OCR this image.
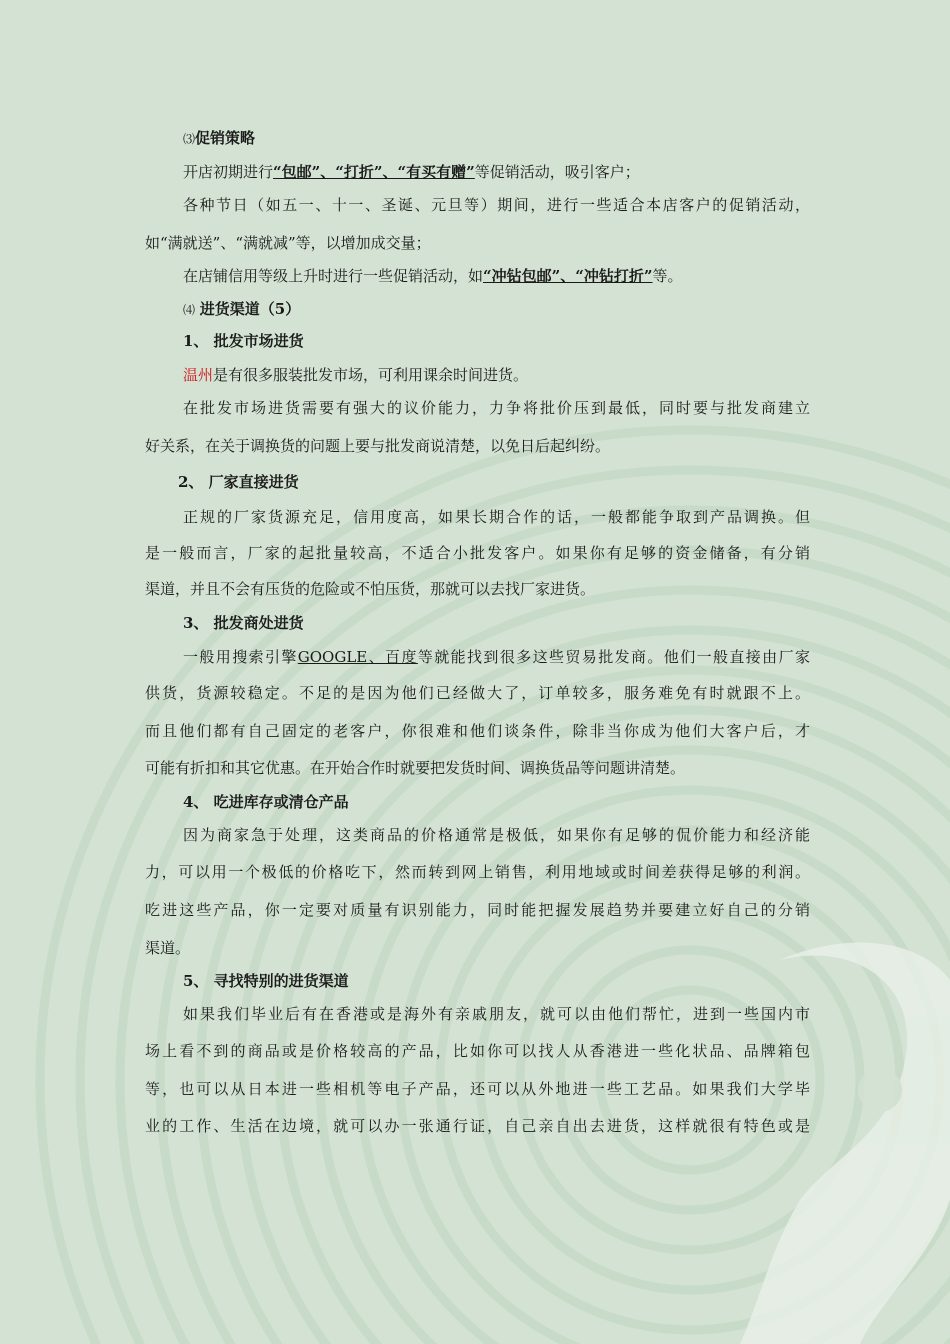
⑶促销策略
开店初期进行“包邮”、“打折”、“有买有赠”等促销活动，吸引客户；
各种节日（如五一、十一、圣诞、元旦等）期间，进行一些适合本店客户的促销活动，
如“满就送”、“满就减”等，以增加成交量；
在店铺信用等级上升时进行一些促销活动，如“冲钻包邮”、“冲钻打折”等。
⑷ 进货渠道（5）
1、 批发市场进货
温州是有很多服装批发市场，可利用课余时间进货。
在批发市场进货需要有强大的议价能力，力争将批价压到最低，同时要与批发商建立
好关系，在关于调换货的问题上要与批发商说清楚，以免日后起纠纷。
2、 厂家直接进货
正规的厂家货源充足，信用度高，如果长期合作的话，一般都能争取到产品调换。但
是一般而言，厂家的起批量较高，不适合小批发客户。如果你有足够的资金储备，有分销
渠道，并且不会有压货的危险或不怕压货，那就可以去找厂家进货。
3、 批发商处进货
一般用搜索引擎GOOGLE、百度等就能找到很多这些贸易批发商。他们一般直接由厂家
供货，货源较稳定。不足的是因为他们已经做大了，订单较多，服务难免有时就跟不上。
而且他们都有自己固定的老客户，你很难和他们谈条件，除非当你成为他们大客户后，才
可能有折扣和其它优惠。在开始合作时就要把发货时间、调换货品等问题讲清楚。
4、 吃进库存或清仓产品
因为商家急于处理，这类商品的价格通常是极低，如果你有足够的侃价能力和经济能
力，可以用一个极低的价格吃下，然而转到网上销售，利用地域或时间差获得足够的利润。
吃进这些产品，你一定要对质量有识别能力，同时能把握发展趋势并要建立好自己的分销
渠道。
5、 寻找特别的进货渠道
如果我们毕业后有在香港或是海外有亲戚朋友，就可以由他们帮忙，进到一些国内市
场上看不到的商品或是价格较高的产品，比如你可以找人从香港进一些化状品、品牌箱包
等，也可以从日本进一些相机等电子产品，还可以从外地进一些工艺品。如果我们大学毕
业的工作、生活在边境，就可以办一张通行证，自己亲自出去进货，这样就很有特色或是
